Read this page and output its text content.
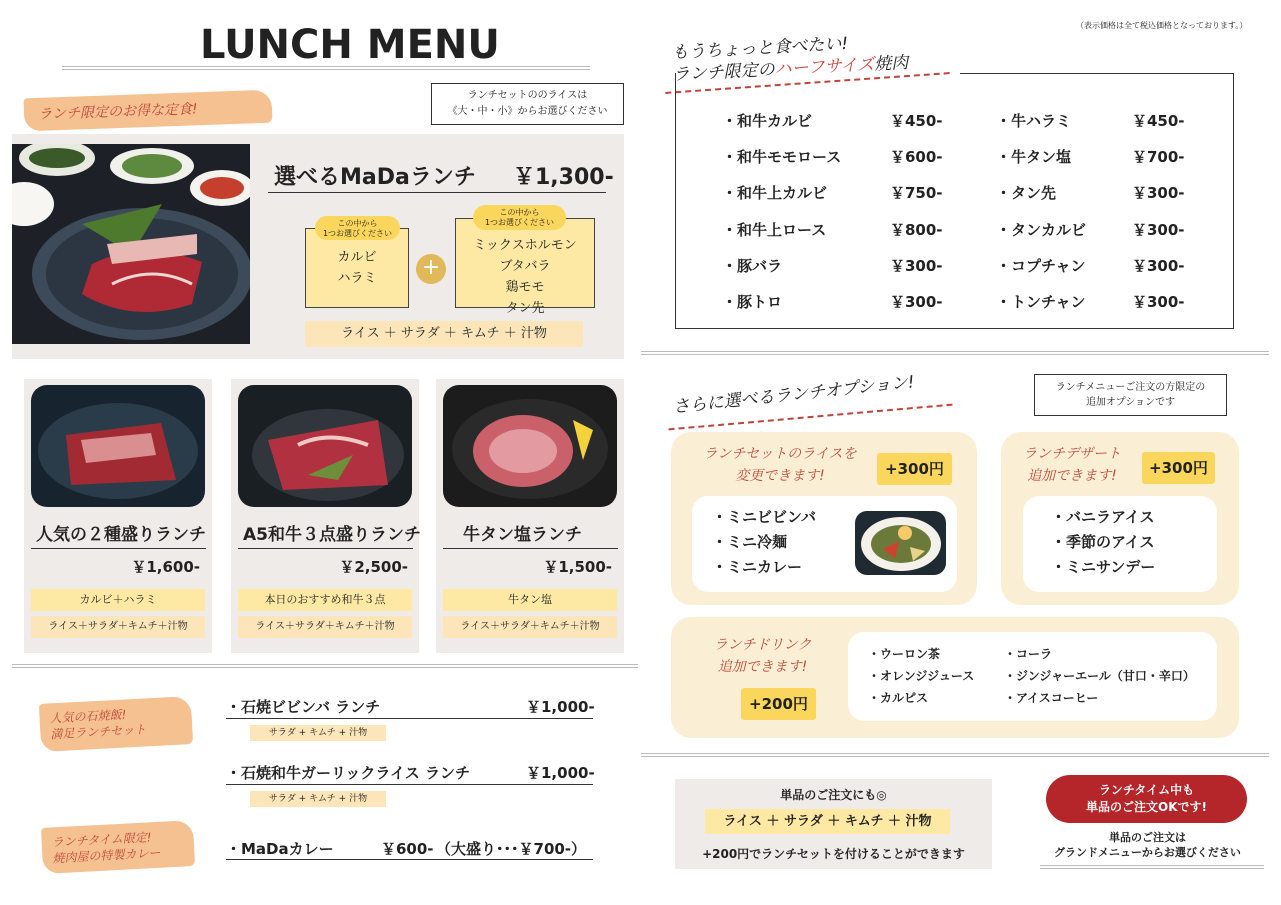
LUNCH MENU
ランチ限定のお得な定食!
ランチセットののライスは
《大・中・小》からお選びください
選べるMaDaランチ ￥1,300-
カルビ
ハラミ
この中から
1つお選びください
+
ミックスホルモン
ブタバラ
鶏モモ
タン先
この中から
1つお選びください
ライス ＋ サラダ ＋ キムチ ＋ 汁物
人気の２種盛りランチ A5和牛３点盛りランチ 牛タン塩ランチ
￥1,600-	￥2,500-	￥1,500-
カルビ＋ハラミ	本日のおすすめ和牛３点	牛タン塩
ライス＋サラダ＋キムチ＋汁物	ライス＋サラダ＋キムチ＋汁物	ライス＋サラダ＋キムチ＋汁物
人気の石焼飯!
満足ランチセット
・石焼ビビンバ ランチ	￥1,000-
サラダ + キムチ + 汁物
・石焼和牛ガーリックライス ランチ	￥1,000-
サラダ + キムチ + 汁物
ランチタイム限定!
焼肉屋の特製カレー	・MaDaカレー	￥600- （大盛り･･･￥700-）
（表示価格は全て税込価格となっております。）
もうちょっと食べたい!
ランチ限定のハーフサイズ焼肉
・和牛カルビ	￥450-
・和牛モモロース	￥600-
・和牛上カルビ	￥750-
・和牛上ロース	￥800-
・豚バラ	￥300-
・豚トロ	￥300-
・牛ハラミ	￥450-
・牛タン塩	￥700-
・タン先	￥300-
・タンカルビ	￥300-
・コプチャン	￥300-
・トンチャン	￥300-
さらに選べるランチオプション!	ランチメニューご注文の方限定の
追加オプションです
ランチセットのライスを
変更できます!	+300円
・ミニビビンバ
・ミニ冷麺
・ミニカレー
ランチデザート
追加できます!	+300円
・バニラアイス
・季節のアイス
・ミニサンデー
ランチドリンク
追加できます!
+200円
・ウーロン茶
・オレンジジュース
・カルピス
・コーラ
・ジンジャーエール（甘口・辛口）
・アイスコーヒー
単品のご注文にも◎
ライス ＋ サラダ ＋ キムチ ＋ 汁物
+200円でランチセットを付けることができます
ランチタイム中も
単品のご注文OKです!
単品のご注文は
グランドメニューからお選びください
